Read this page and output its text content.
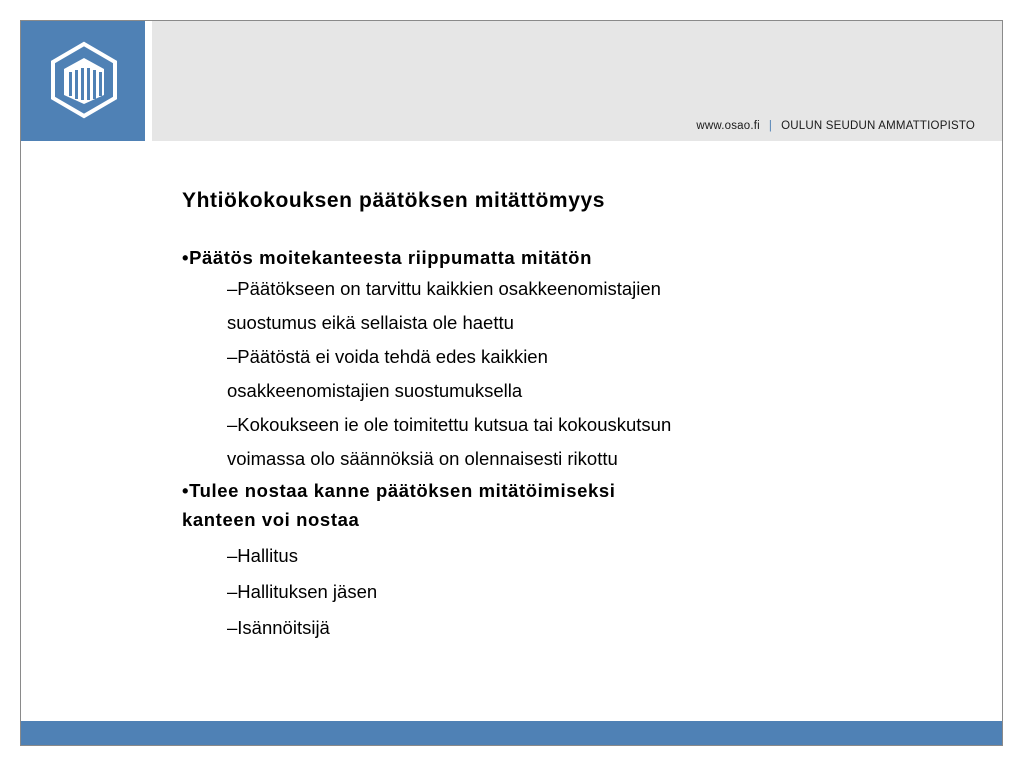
www.osao.fi | OULUN SEUDUN AMMATTIOPISTO
Yhtiökokouksen päätöksen mitättömyys
•Päätös moitekanteesta riippumatta mitätön
–Päätökseen on tarvittu kaikkien osakkeenomistajien
suostumus eikä sellaista ole haettu
–Päätöstä ei voida tehdä edes kaikkien
osakkeenomistajien suostumuksella
–Kokoukseen ie ole toimitettu kutsua tai kokouskutsun
voimassa olo säännöksiä on olennaisesti rikottu
•Tulee nostaa kanne päätöksen mitätöimiseksi
kanteen voi nostaa
–Hallitus
–Hallituksen jäsen
–Isännöitsijä
